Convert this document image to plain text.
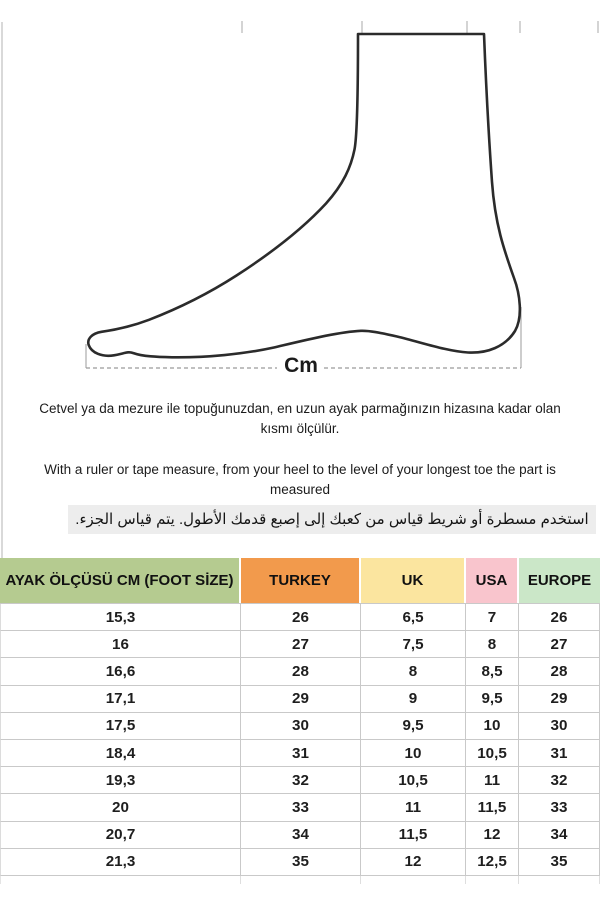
Cm

Cetvel ya da mezure ile topuğunuzdan, en uzun ayak parmağınızın hizasına kadar olan kısmı ölçülür.

With a ruler or tape measure, from your heel to the level of your longest toe the part is measured

استخدم مسطرة أو شريط قياس من كعبك إلى إصبع قدمك الأطول. يتم قياس الجزء.

AYAK ÖLÇÜSÜ CM (FOOT SİZE)	TURKEY	UK	USA	EUROPE
15,3	26	6,5	7	26
16	27	7,5	8	27
16,6	28	8	8,5	28
17,1	29	9	9,5	29
17,5	30	9,5	10	30
18,4	31	10	10,5	31
19,3	32	10,5	11	32
20	33	11	11,5	33
20,7	34	11,5	12	34
21,3	35	12	12,5	35
